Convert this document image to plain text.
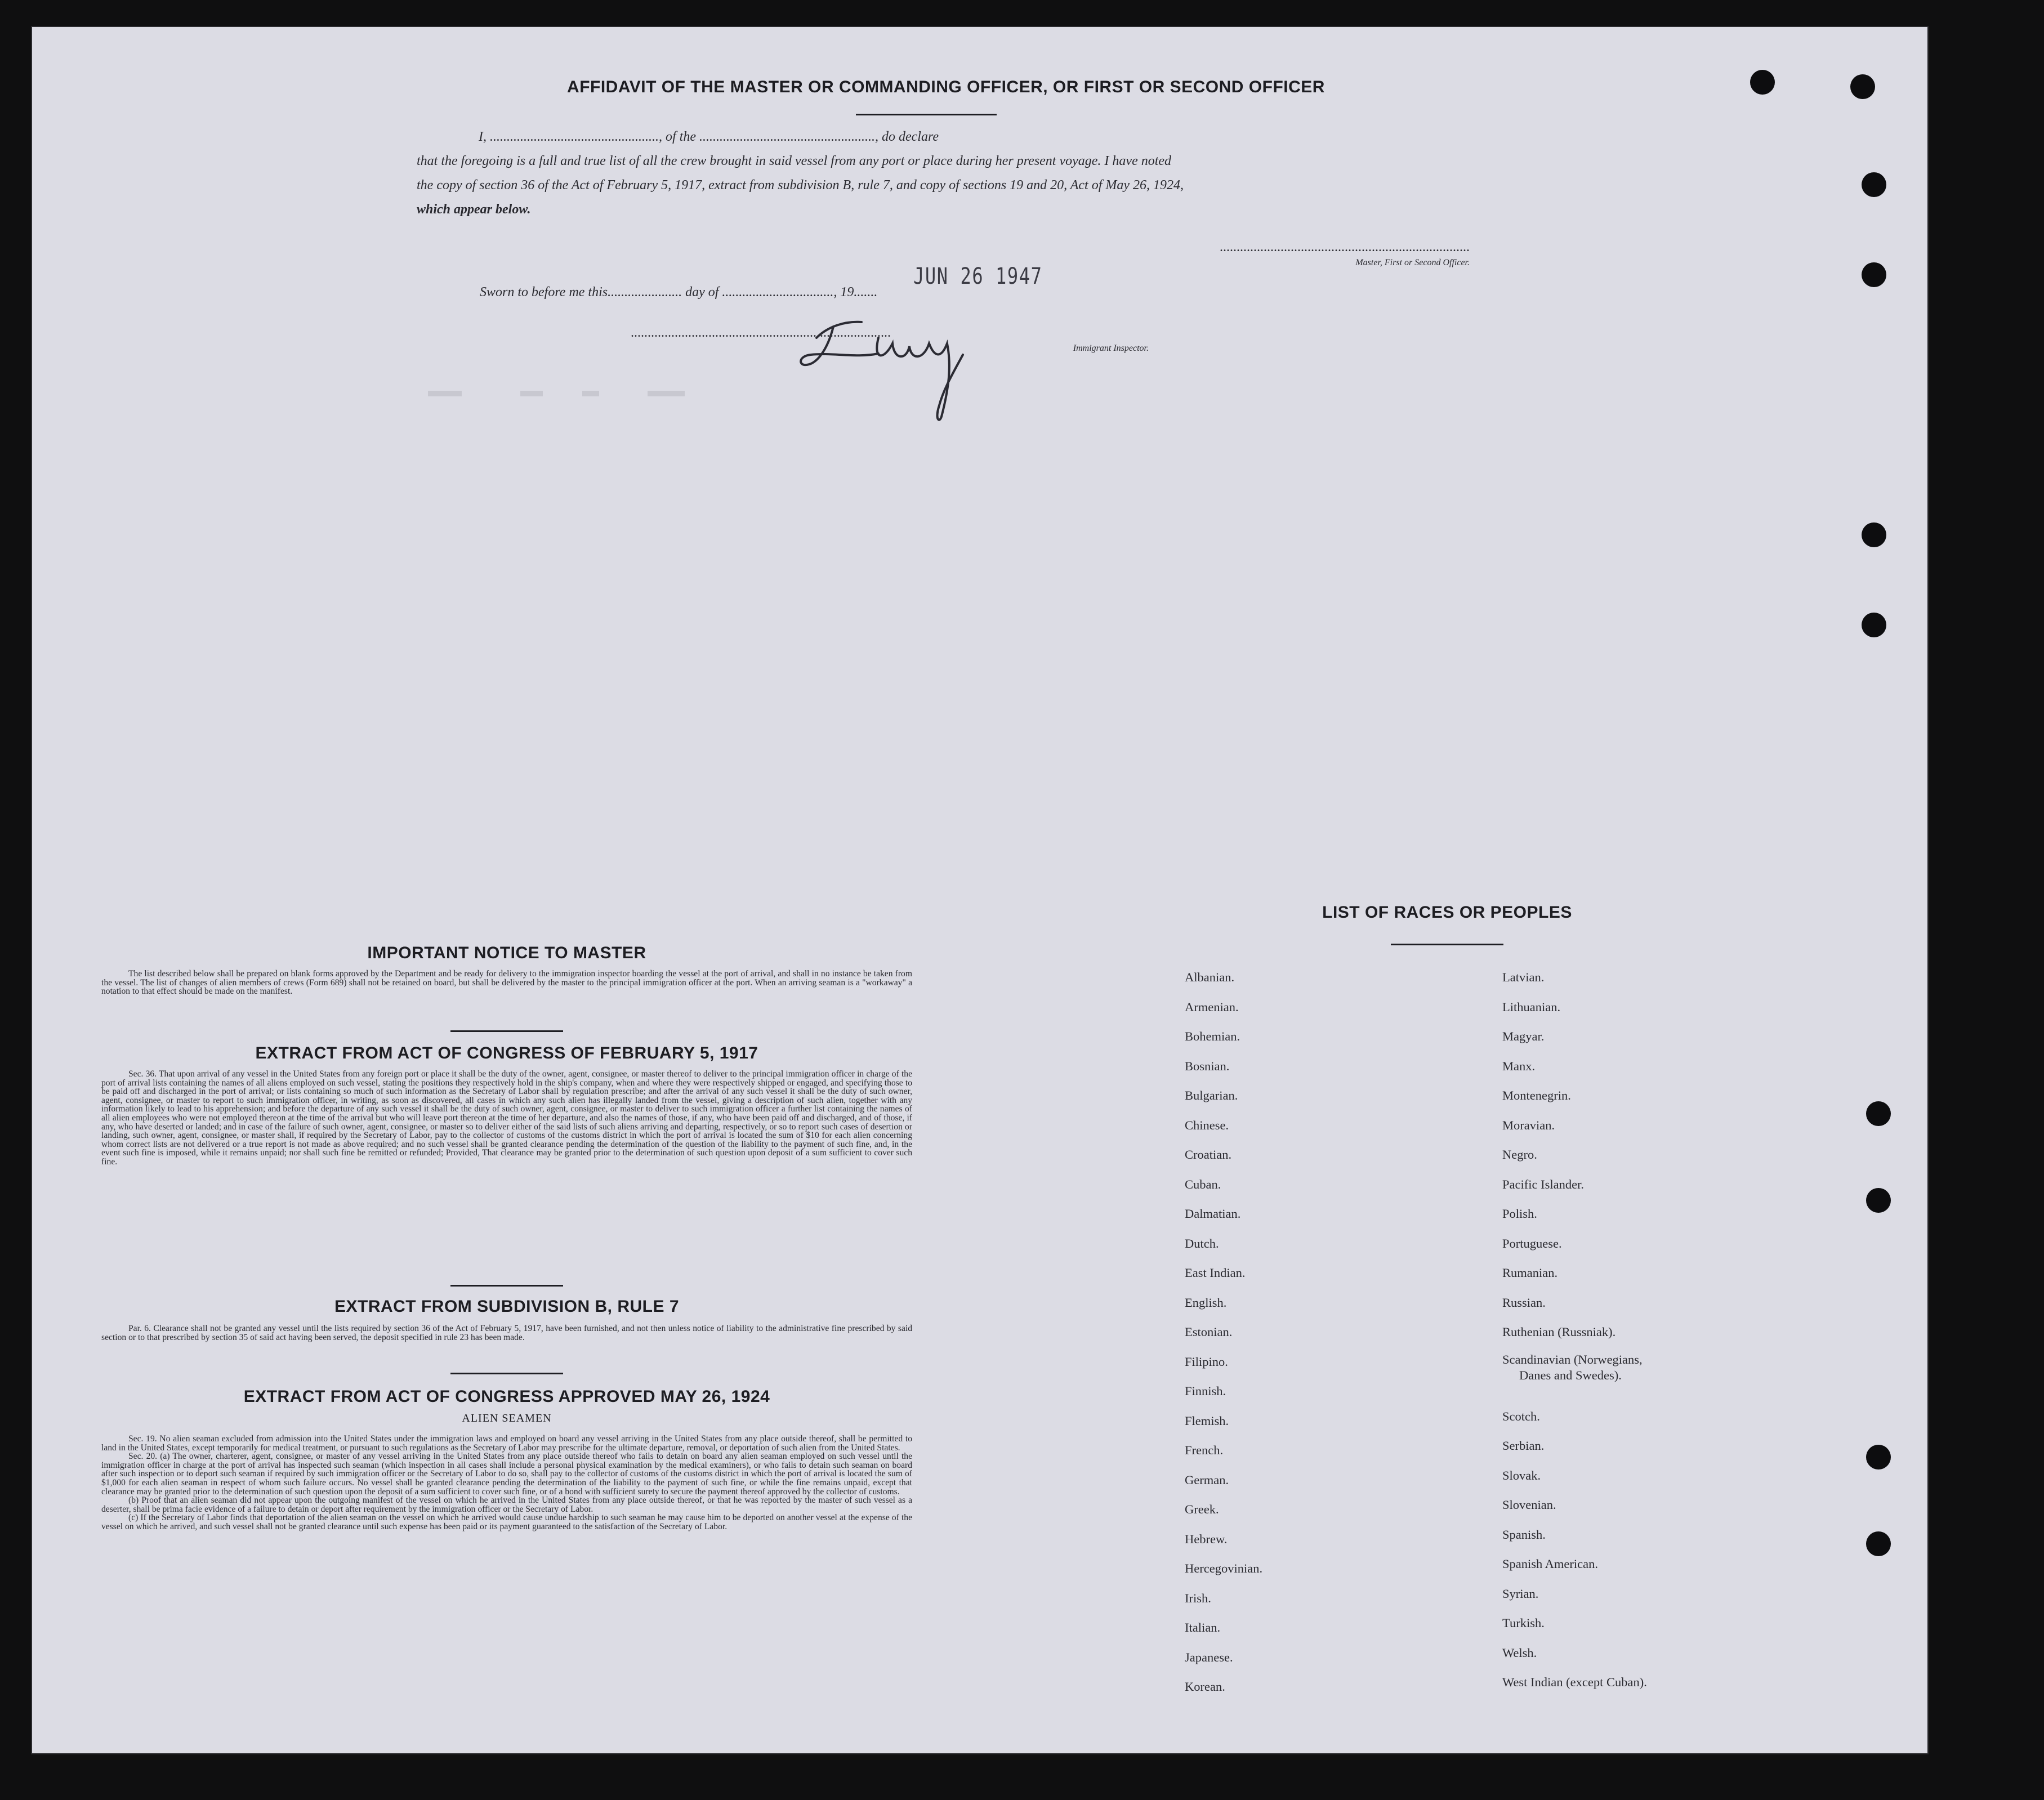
AFFIDAVIT OF THE MASTER OR COMMANDING OFFICER, OR FIRST OR SECOND OFFICER
I, .................................................., of the ...................................................., do declare
that the foregoing is a full and true list of all the crew brought in said vessel from any port or place during her present voyage. I have noted
the copy of section 36 of the Act of February 5, 1917, extract from subdivision B, rule 7, and copy of sections 19 and 20, Act of May 26, 1924,
which appear below.
..........................................................................
Master, First or Second Officer.
Sworn to before me this...................... day of ................................., 19.......
JUN 26 1947
.............................................................................
Immigrant Inspector.
IMPORTANT NOTICE TO MASTER

The list described below shall be prepared on blank forms approved by the Department and be ready for delivery to the immigration inspector boarding the vessel at the port of arrival, and shall in no instance be taken from the vessel. The list of changes of alien members of crews (Form 689) shall not be retained on board, but shall be delivered by the master to the principal immigration officer at the port. When an arriving seaman is a "workaway" a notation to that effect should be made on the manifest.

EXTRACT FROM ACT OF CONGRESS OF FEBRUARY 5, 1917

Sec. 36. That upon arrival of any vessel in the United States from any foreign port or place it shall be the duty of the owner, agent, consignee, or master thereof to deliver to the principal immigration officer in charge of the port of arrival lists containing the names of all aliens employed on such vessel, stating the positions they respectively hold in the ship's company, when and where they were respectively shipped or engaged, and specifying those to be paid off and discharged in the port of arrival; or lists containing so much of such information as the Secretary of Labor shall by regulation prescribe; and after the arrival of any such vessel it shall be the duty of such owner, agent, consignee, or master to report to such immigration officer, in writing, as soon as discovered, all cases in which any such alien has illegally landed from the vessel, giving a description of such alien, together with any information likely to lead to his apprehension; and before the departure of any such vessel it shall be the duty of such owner, agent, consignee, or master to deliver to such immigration officer a further list containing the names of all alien employees who were not employed thereon at the time of the arrival but who will leave port thereon at the time of her departure, and also the names of those, if any, who have been paid off and discharged, and of those, if any, who have deserted or landed; and in case of the failure of such owner, agent, consignee, or master so to deliver either of the said lists of such aliens arriving and departing, respectively, or so to report such cases of desertion or landing, such owner, agent, consignee, or master shall, if required by the Secretary of Labor, pay to the collector of customs of the customs district in which the port of arrival is located the sum of $10 for each alien concerning whom correct lists are not delivered or a true report is not made as above required; and no such vessel shall be granted clearance pending the determination of the question of the liability to the payment of such fine, and, in the event such fine is imposed, while it remains unpaid; nor shall such fine be remitted or refunded; Provided, That clearance may be granted prior to the determination of such question upon deposit of a sum sufficient to cover such fine.

EXTRACT FROM SUBDIVISION B, RULE 7

Par. 6. Clearance shall not be granted any vessel until the lists required by section 36 of the Act of February 5, 1917, have been furnished, and not then unless notice of liability to the administrative fine prescribed by said section or to that prescribed by section 35 of said act having been served, the deposit specified in rule 23 has been made.

EXTRACT FROM ACT OF CONGRESS APPROVED MAY 26, 1924
ALIEN SEAMEN

Sec. 19. No alien seaman excluded from admission into the United States under the immigration laws and employed on board any vessel arriving in the United States from any place outside thereof, shall be permitted to land in the United States, except temporarily for medical treatment, or pursuant to such regulations as the Secretary of Labor may prescribe for the ultimate departure, removal, or deportation of such alien from the United States.

Sec. 20. (a) The owner, charterer, agent, consignee, or master of any vessel arriving in the United States from any place outside thereof who fails to detain on board any alien seaman employed on such vessel until the immigration officer in charge at the port of arrival has inspected such seaman (which inspection in all cases shall include a personal physical examination by the medical examiners), or who fails to detain such seaman on board after such inspection or to deport such seaman if required by such immigration officer or the Secretary of Labor to do so, shall pay to the collector of customs of the customs district in which the port of arrival is located the sum of $1,000 for each alien seaman in respect of whom such failure occurs. No vessel shall be granted clearance pending the determination of the liability to the payment of such fine, or while the fine remains unpaid, except that clearance may be granted prior to the determination of such question upon the deposit of a sum sufficient to cover such fine, or of a bond with sufficient surety to secure the payment thereof approved by the collector of customs.

(b) Proof that an alien seaman did not appear upon the outgoing manifest of the vessel on which he arrived in the United States from any place outside thereof, or that he was reported by the master of such vessel as a deserter, shall be prima facie evidence of a failure to detain or deport after requirement by the immigration officer or the Secretary of Labor.

(c) If the Secretary of Labor finds that deportation of the alien seaman on the vessel on which he arrived would cause undue hardship to such seaman he may cause him to be deported on another vessel at the expense of the vessel on which he arrived, and such vessel shall not be granted clearance until such expense has been paid or its payment guaranteed to the satisfaction of the Secretary of Labor.

LIST OF RACES OR PEOPLES
Albanian.
Armenian.
Bohemian.
Bosnian.
Bulgarian.
Chinese.
Croatian.
Cuban.
Dalmatian.
Dutch.
East Indian.
English.
Estonian.
Filipino.
Finnish.
Flemish.
French.
German.
Greek.
Hebrew.
Hercegovinian.
Irish.
Italian.
Japanese.
Korean.
Latvian.
Lithuanian.
Magyar.
Manx.
Montenegrin.
Moravian.
Negro.
Pacific Islander.
Polish.
Portuguese.
Rumanian.
Russian.
Ruthenian (Russniak).
Scandinavian (Norwegians,
Danes and Swedes).
Scotch.
Serbian.
Slovak.
Slovenian.
Spanish.
Spanish American.
Syrian.
Turkish.
Welsh.
West Indian (except Cuban).
